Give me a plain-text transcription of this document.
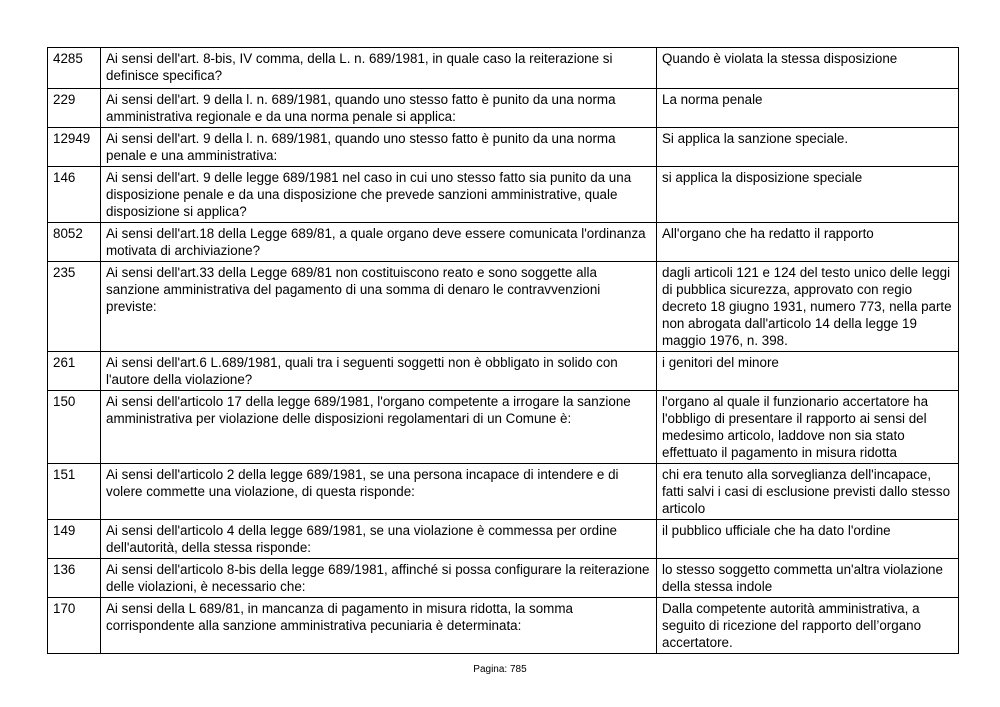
4285	Ai sensi dell'art. 8-bis, IV comma, della L. n. 689/1981, in quale caso la reiterazione si definisce specifica?	Quando è violata la stessa disposizione
229	Ai sensi dell'art. 9 della l. n. 689/1981, quando uno stesso fatto è punito da una norma amministrativa regionale e da una norma penale si applica:	La norma penale
12949	Ai sensi dell'art. 9 della l. n. 689/1981, quando uno stesso fatto è punito da una norma penale e una amministrativa:	Si applica la sanzione speciale.
146	Ai sensi dell'art. 9 delle legge 689/1981 nel caso in cui uno stesso fatto sia punito da una disposizione penale e da una disposizione che prevede sanzioni amministrative, quale disposizione si applica?	si applica la disposizione speciale
8052	Ai sensi dell'art.18 della Legge 689/81, a quale organo deve essere comunicata l'ordinanza motivata di archiviazione?	All'organo che ha redatto il rapporto
235	Ai sensi dell'art.33 della Legge 689/81 non costituiscono reato e sono soggette alla sanzione amministrativa del pagamento di una somma di denaro le contravvenzioni previste:	dagli articoli 121 e 124 del testo unico delle leggi di pubblica sicurezza, approvato con regio decreto 18 giugno 1931, numero 773, nella parte non abrogata dall'articolo 14 della legge 19 maggio 1976, n. 398.
261	Ai sensi dell'art.6 L.689/1981, quali tra i seguenti soggetti non è obbligato in solido con l'autore della violazione?	i genitori del minore
150	Ai sensi dell'articolo 17 della legge 689/1981, l'organo competente a irrogare la sanzione amministrativa per violazione delle disposizioni regolamentari di un Comune è:	l'organo al quale il funzionario accertatore ha l'obbligo di presentare il rapporto ai sensi del medesimo articolo, laddove non sia stato effettuato il pagamento in misura ridotta
151	Ai sensi dell'articolo 2 della legge 689/1981, se una persona incapace di intendere e di volere commette una violazione, di questa risponde:	chi era tenuto alla sorveglianza dell'incapace, fatti salvi i casi di esclusione previsti dallo stesso articolo
149	Ai sensi dell'articolo 4 della legge 689/1981, se una violazione è commessa per ordine dell'autorità, della stessa risponde:	il pubblico ufficiale che ha dato l'ordine
136	Ai sensi dell'articolo 8-bis della legge 689/1981, affinché si possa configurare la reiterazione delle violazioni, è necessario che:	lo stesso soggetto commetta un'altra violazione della stessa indole
170	Ai sensi della L 689/81, in mancanza di pagamento in misura ridotta, la somma corrispondente alla sanzione amministrativa pecuniaria è determinata:	Dalla competente autorità amministrativa, a seguito di ricezione del rapporto dell’organo accertatore.
Pagina: 785
